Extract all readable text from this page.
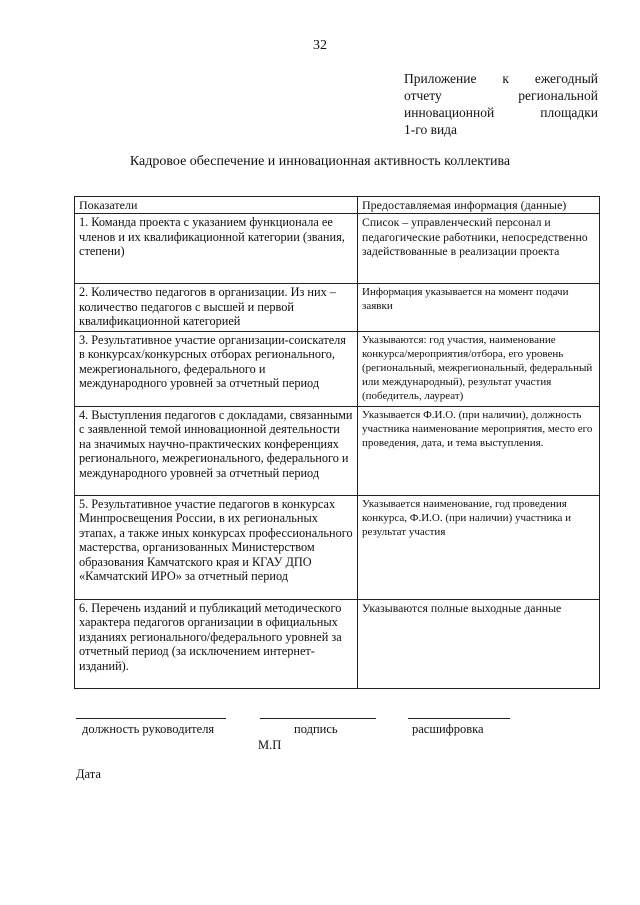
32
Приложение к ежегодный
отчету региональной
инновационной площадки
1-го вида
Кадровое обеспечение и инновационная активность коллектива
Показатели	Предоставляемая информация (данные)
1. Команда проекта с указанием функционала ее членов и их квалификационной категории (звания, степени)	Список – управленческий персонал и педагогические работники, непосредственно задействованные в реализации проекта
2. Количество педагогов в организации. Из них – количество педагогов с высшей и первой квалификационной категорией	Информация указывается на момент подачи заявки
3. Результативное участие организации-соискателя в конкурсах/конкурсных отборах регионального, межрегионального, федерального и международного уровней за отчетный период	Указываются: год участия, наименование конкурса/мероприятия/отбора, его уровень (региональный, межрегиональный, федеральный или международный), результат участия (победитель, лауреат)
4. Выступления педагогов с докладами, связанными с заявленной темой инновационной деятельности на значимых научно-практических конференциях регионального, межрегионального, федерального и международного уровней за отчетный период	Указывается Ф.И.О. (при наличии), должность участника наименование мероприятия, место его проведения, дата, и тема выступления.
5. Результативное участие педагогов в конкурсах Минпросвещения России, в их региональных этапах, а также иных конкурсах профессионального мастерства, организованных Министерством образования Камчатского края и КГАУ ДПО «Камчатский ИРО» за отчетный период	Указывается наименование, год проведения конкурса, Ф.И.О. (при наличии) участника и результат участия
6. Перечень изданий и публикаций методического характера педагогов организации в официальных изданиях регионального/федерального уровней за отчетный период (за исключением интернет-изданий).	Указываются полные выходные данные
должность руководителя	подпись	расшифровка
М.П
Дата
